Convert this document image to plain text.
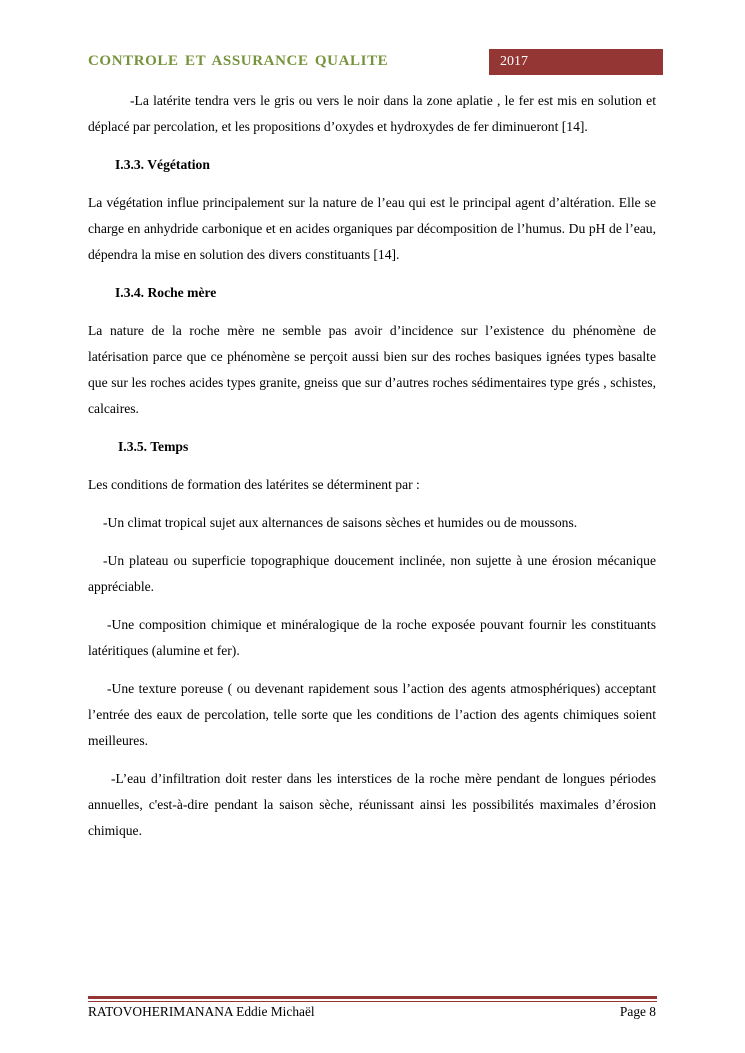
CONTROLE ET ASSURANCE QUALITE	2017

-La latérite tendra vers le gris ou vers le noir dans la zone aplatie , le fer est mis en solution et déplacé par percolation, et les propositions d’oxydes et hydroxydes de fer diminueront [14].

I.3.3. Végétation

La végétation influe principalement sur la nature de l’eau qui est le principal agent d’altération. Elle se charge en anhydride carbonique et en acides organiques par décomposition de l’humus. Du pH de l’eau, dépendra la mise en solution des divers constituants [14].

I.3.4. Roche mère

La nature de la roche mère ne semble pas avoir d’incidence sur l’existence du phénomène de latérisation parce que ce phénomène se perçoit aussi bien sur des roches basiques ignées types basalte que sur les roches acides types granite, gneiss que sur d’autres roches sédimentaires type grés , schistes, calcaires.

I.3.5. Temps

Les conditions de formation des latérites se déterminent par :

-Un climat tropical sujet aux alternances de saisons sèches et humides ou de moussons.

-Un plateau ou superficie topographique doucement inclinée, non sujette à une érosion mécanique appréciable.

-Une composition chimique et minéralogique de la roche exposée pouvant fournir les constituants latéritiques (alumine et fer).

-Une texture poreuse ( ou devenant rapidement sous l’action des agents atmosphériques) acceptant l’entrée des eaux de percolation, telle sorte que les conditions de l’action des agents chimiques soient meilleures.

-L’eau d’infiltration doit rester dans les interstices de la roche mère pendant de longues périodes annuelles, c'est-à-dire pendant la saison sèche, réunissant ainsi les possibilités maximales d’érosion chimique.

RATOVOHERIMANANA Eddie Michaël	Page 8
